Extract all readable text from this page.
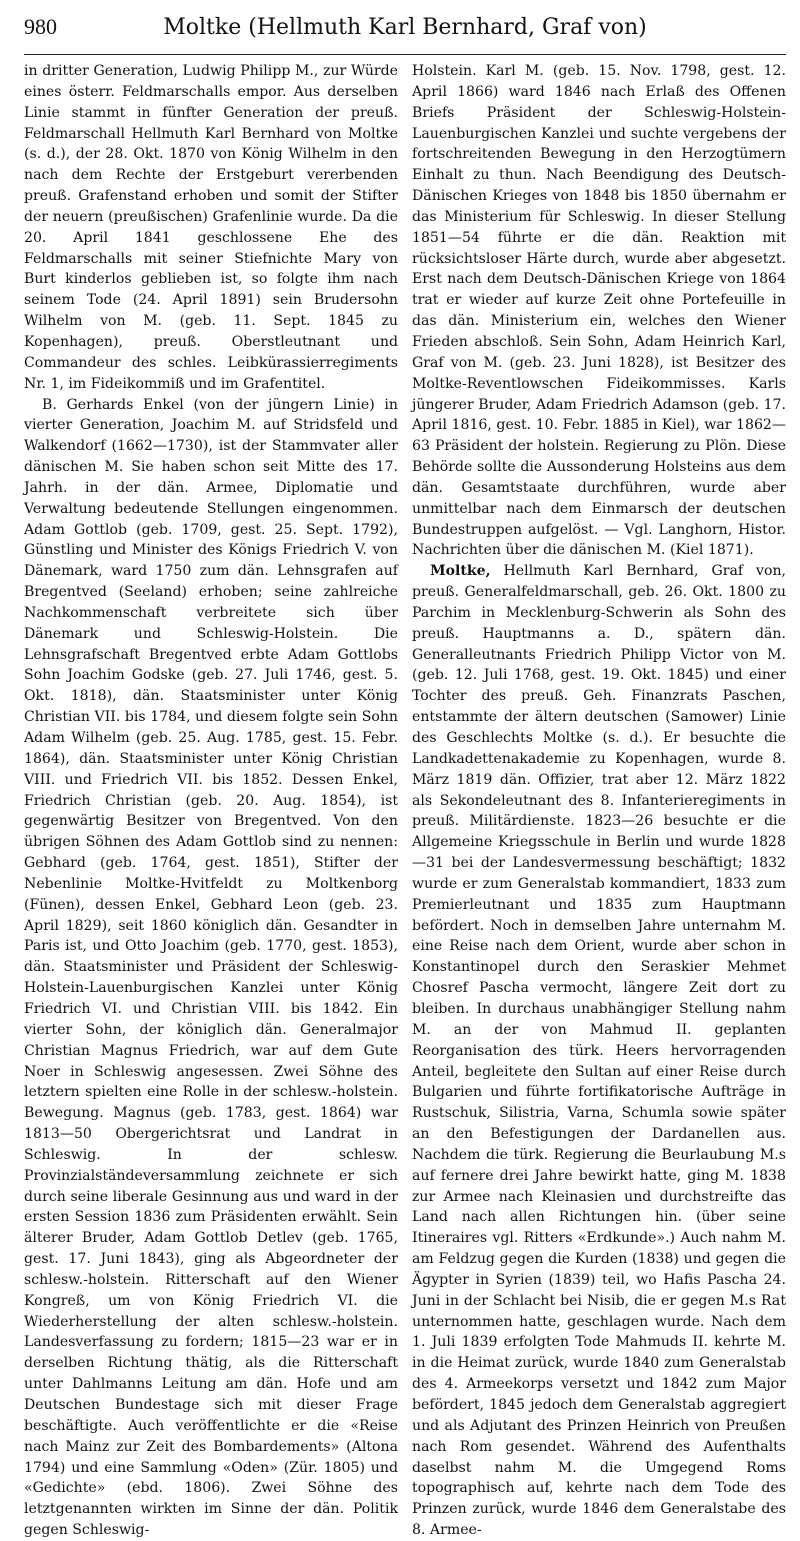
980	Moltke (Hellmuth Karl Bernhard, Graf von)

in dritter Generation, Ludwig Philipp M., zur Würde eines österr. Feldmarschalls empor. Aus derselben Linie stammt in fünfter Generation der preuß. Feldmarschall Hellmuth Karl Bernhard von Moltke (s. d.), der 28. Okt. 1870 von König Wilhelm in den nach dem Rechte der Erstgeburt vererbenden preuß. Grafenstand erhoben und somit der Stifter der neuern (preußischen) Grafenlinie wurde. Da die 20. April 1841 geschlossene Ehe des Feldmarschalls mit seiner Stiefnichte Mary von Burt kinderlos geblieben ist, so folgte ihm nach seinem Tode (24. April 1891) sein Brudersohn Wilhelm von M. (geb. 11. Sept. 1845 zu Kopenhagen), preuß. Oberstleutnant und Commandeur des schles. Leibkürassierregiments Nr. 1, im Fideikommiß und im Grafentitel.

B. Gerhards Enkel (von der jüngern Linie) in vierter Generation, Joachim M. auf Stridsfeld und Walkendorf (1662—1730), ist der Stammvater aller dänischen M. Sie haben schon seit Mitte des 17. Jahrh. in der dän. Armee, Diplomatie und Verwaltung bedeutende Stellungen eingenommen. Adam Gottlob (geb. 1709, gest. 25. Sept. 1792), Günstling und Minister des Königs Friedrich V. von Dänemark, ward 1750 zum dän. Lehnsgrafen auf Bregentved (Seeland) erhoben; seine zahlreiche Nachkommenschaft verbreitete sich über Dänemark und Schleswig-Holstein. Die Lehnsgrafschaft Bregentved erbte Adam Gottlobs Sohn Joachim Godske (geb. 27. Juli 1746, gest. 5. Okt. 1818), dän. Staatsminister unter König Christian VII. bis 1784, und diesem folgte sein Sohn Adam Wilhelm (geb. 25. Aug. 1785, gest. 15. Febr. 1864), dän. Staatsminister unter König Christian VIII. und Friedrich VII. bis 1852. Dessen Enkel, Friedrich Christian (geb. 20. Aug. 1854), ist gegenwärtig Besitzer von Bregentved. Von den übrigen Söhnen des Adam Gottlob sind zu nennen: Gebhard (geb. 1764, gest. 1851), Stifter der Nebenlinie Moltke-Hvitfeldt zu Moltkenborg (Fünen), dessen Enkel, Gebhard Leon (geb. 23. April 1829), seit 1860 königlich dän. Gesandter in Paris ist, und Otto Joachim (geb. 1770, gest. 1853), dän. Staatsminister und Präsident der Schleswig-Holstein-Lauenburgischen Kanzlei unter König Friedrich VI. und Christian VIII. bis 1842. Ein vierter Sohn, der königlich dän. Generalmajor Christian Magnus Friedrich, war auf dem Gute Noer in Schleswig angesessen. Zwei Söhne des letztern spielten eine Rolle in der schlesw.-holstein. Bewegung. Magnus (geb. 1783, gest. 1864) war 1813—50 Obergerichtsrat und Landrat in Schleswig. In der schlesw. Provinzialständeversammlung zeichnete er sich durch seine liberale Gesinnung aus und ward in der ersten Session 1836 zum Präsidenten erwählt. Sein älterer Bruder, Adam Gottlob Detlev (geb. 1765, gest. 17. Juni 1843), ging als Abgeordneter der schlesw.-holstein. Ritterschaft auf den Wiener Kongreß, um von König Friedrich VI. die Wiederherstellung der alten schlesw.-holstein. Landesverfassung zu fordern; 1815—23 war er in derselben Richtung thätig, als die Ritterschaft unter Dahlmanns Leitung am dän. Hofe und am Deutschen Bundestage sich mit dieser Frage beschäftigte. Auch veröffentlichte er die «Reise nach Mainz zur Zeit des Bombardements» (Altona 1794) und eine Sammlung «Oden» (Zür. 1805) und «Gedichte» (ebd. 1806). Zwei Söhne des letztgenannten wirkten im Sinne der dän. Politik gegen Schleswig-

Holstein. Karl M. (geb. 15. Nov. 1798, gest. 12. April 1866) ward 1846 nach Erlaß des Offenen Briefs Präsident der Schleswig-Holstein-Lauenburgischen Kanzlei und suchte vergebens der fortschreitenden Bewegung in den Herzogtümern Einhalt zu thun. Nach Beendigung des Deutsch-Dänischen Krieges von 1848 bis 1850 übernahm er das Ministerium für Schleswig. In dieser Stellung 1851—54 führte er die dän. Reaktion mit rücksichtsloser Härte durch, wurde aber abgesetzt. Erst nach dem Deutsch-Dänischen Kriege von 1864 trat er wieder auf kurze Zeit ohne Portefeuille in das dän. Ministerium ein, welches den Wiener Frieden abschloß. Sein Sohn, Adam Heinrich Karl, Graf von M. (geb. 23. Juni 1828), ist Besitzer des Moltke-Reventlowschen Fideikommisses. Karls jüngerer Bruder, Adam Friedrich Adamson (geb. 17. April 1816, gest. 10. Febr. 1885 in Kiel), war 1862—63 Präsident der holstein. Regierung zu Plön. Diese Behörde sollte die Aussonderung Holsteins aus dem dän. Gesamtstaate durchführen, wurde aber unmittelbar nach dem Einmarsch der deutschen Bundestruppen aufgelöst. — Vgl. Langhorn, Histor. Nachrichten über die dänischen M. (Kiel 1871).

Moltke, Hellmuth Karl Bernhard, Graf von, preuß. Generalfeldmarschall, geb. 26. Okt. 1800 zu Parchim in Mecklenburg-Schwerin als Sohn des preuß. Hauptmanns a. D., spätern dän. Generalleutnants Friedrich Philipp Victor von M. (geb. 12. Juli 1768, gest. 19. Okt. 1845) und einer Tochter des preuß. Geh. Finanzrats Paschen, entstammte der ältern deutschen (Samower) Linie des Geschlechts Moltke (s. d.). Er besuchte die Landkadettenakademie zu Kopenhagen, wurde 8. März 1819 dän. Offizier, trat aber 12. März 1822 als Sekondeleutnant des 8. Infanterieregiments in preuß. Militärdienste. 1823—26 besuchte er die Allgemeine Kriegsschule in Berlin und wurde 1828—31 bei der Landesvermessung beschäftigt; 1832 wurde er zum Generalstab kommandiert, 1833 zum Premierleutnant und 1835 zum Hauptmann befördert. Noch in demselben Jahre unternahm M. eine Reise nach dem Orient, wurde aber schon in Konstantinopel durch den Seraskier Mehmet Chosref Pascha vermocht, längere Zeit dort zu bleiben. In durchaus unabhängiger Stellung nahm M. an der von Mahmud II. geplanten Reorganisation des türk. Heers hervorragenden Anteil, begleitete den Sultan auf einer Reise durch Bulgarien und führte fortifikatorische Aufträge in Rustschuk, Silistria, Varna, Schumla sowie später an den Befestigungen der Dardanellen aus. Nachdem die türk. Regierung die Beurlaubung M.s auf fernere drei Jahre bewirkt hatte, ging M. 1838 zur Armee nach Kleinasien und durchstreifte das Land nach allen Richtungen hin. (über seine Itineraires vgl. Ritters «Erdkunde».) Auch nahm M. am Feldzug gegen die Kurden (1838) und gegen die Ägypter in Syrien (1839) teil, wo Hafis Pascha 24. Juni in der Schlacht bei Nisib, die er gegen M.s Rat unternommen hatte, geschlagen wurde. Nach dem 1. Juli 1839 erfolgten Tode Mahmuds II. kehrte M. in die Heimat zurück, wurde 1840 zum Generalstab des 4. Armeekorps versetzt und 1842 zum Major befördert, 1845 jedoch dem Generalstab aggregiert und als Adjutant des Prinzen Heinrich von Preußen nach Rom gesendet. Während des Aufenthalts daselbst nahm M. die Umgegend Roms topographisch auf, kehrte nach dem Tode des Prinzen zurück, wurde 1846 dem Generalstabe des 8. Armee-
